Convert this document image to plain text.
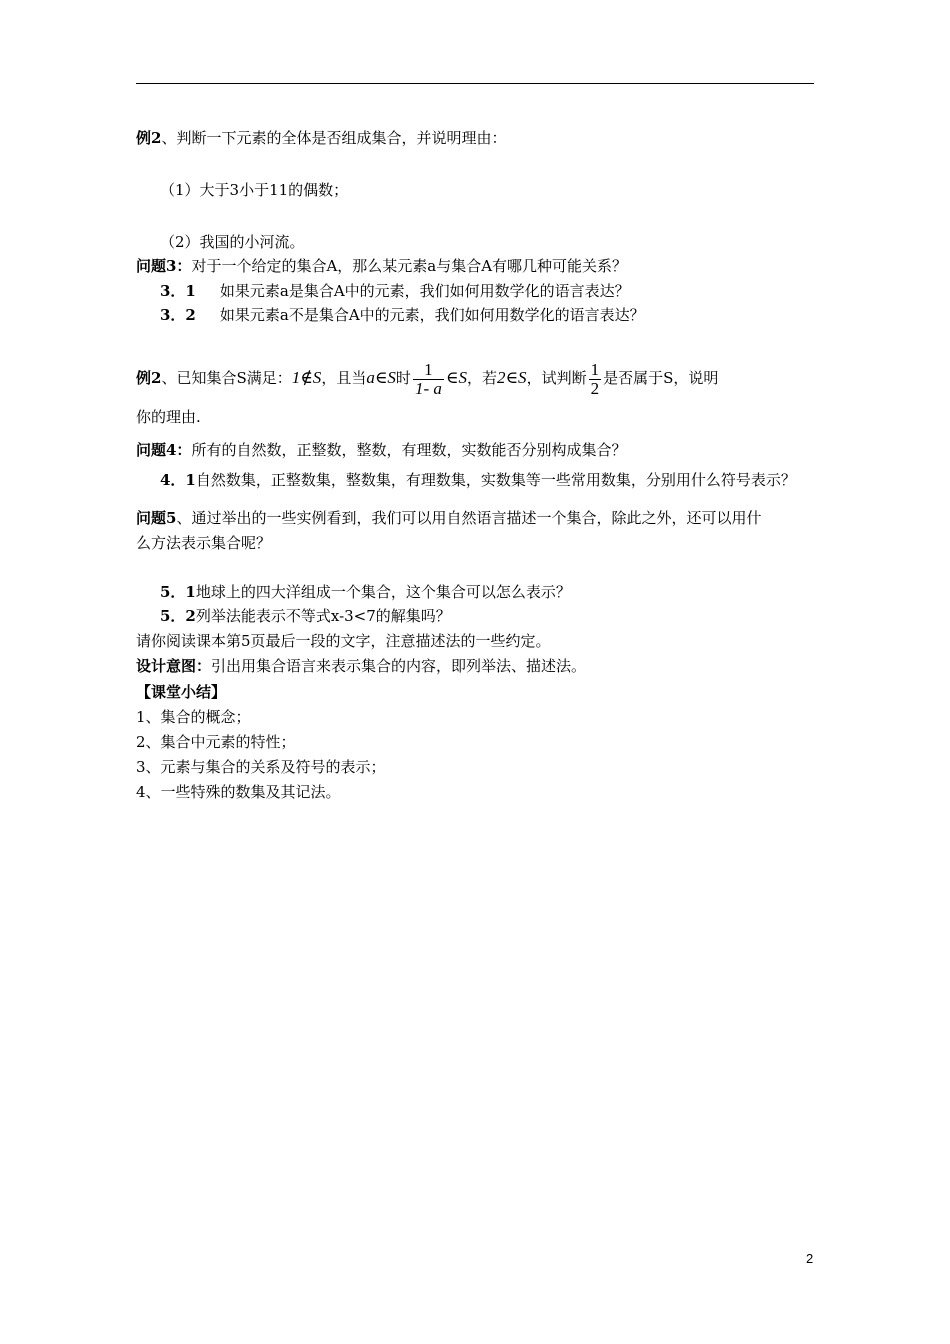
例2、判断一下元素的全体是否组成集合，并说明理由：
（1）大于3小于11的偶数；
（2）我国的小河流。
问题3：对于一个给定的集合A，那么某元素a与集合A有哪几种可能关系？
3．1 如果元素a是集合A中的元素，我们如何用数学化的语言表达？
3．2 如果元素a不是集合A中的元素，我们如何用数学化的语言表达？
例2、已知集合S满足：1∉S，且当a∈S时 $\frac{1}{1- a}$ ∈S，若2∈S，试判断 $\frac{1}{2}$ 是否属于S，说明
你的理由.
问题4：所有的自然数，正整数，整数，有理数，实数能否分别构成集合？
4．1自然数集，正整数集，整数集，有理数集，实数集等一些常用数集，分别用什么符号表示？
问题5、通过举出的一些实例看到，我们可以用自然语言描述一个集合，除此之外，还可以用什
么方法表示集合呢？
5．1地球上的四大洋组成一个集合，这个集合可以怎么表示？
5．2列举法能表示不等式x-3<7的解集吗？
请你阅读课本第5页最后一段的文字，注意描述法的一些约定。
设计意图：引出用集合语言来表示集合的内容，即列举法、描述法。
【课堂小结】
1、集合的概念；
2、集合中元素的特性；
3、元素与集合的关系及符号的表示；
4、一些特殊的数集及其记法。
2
